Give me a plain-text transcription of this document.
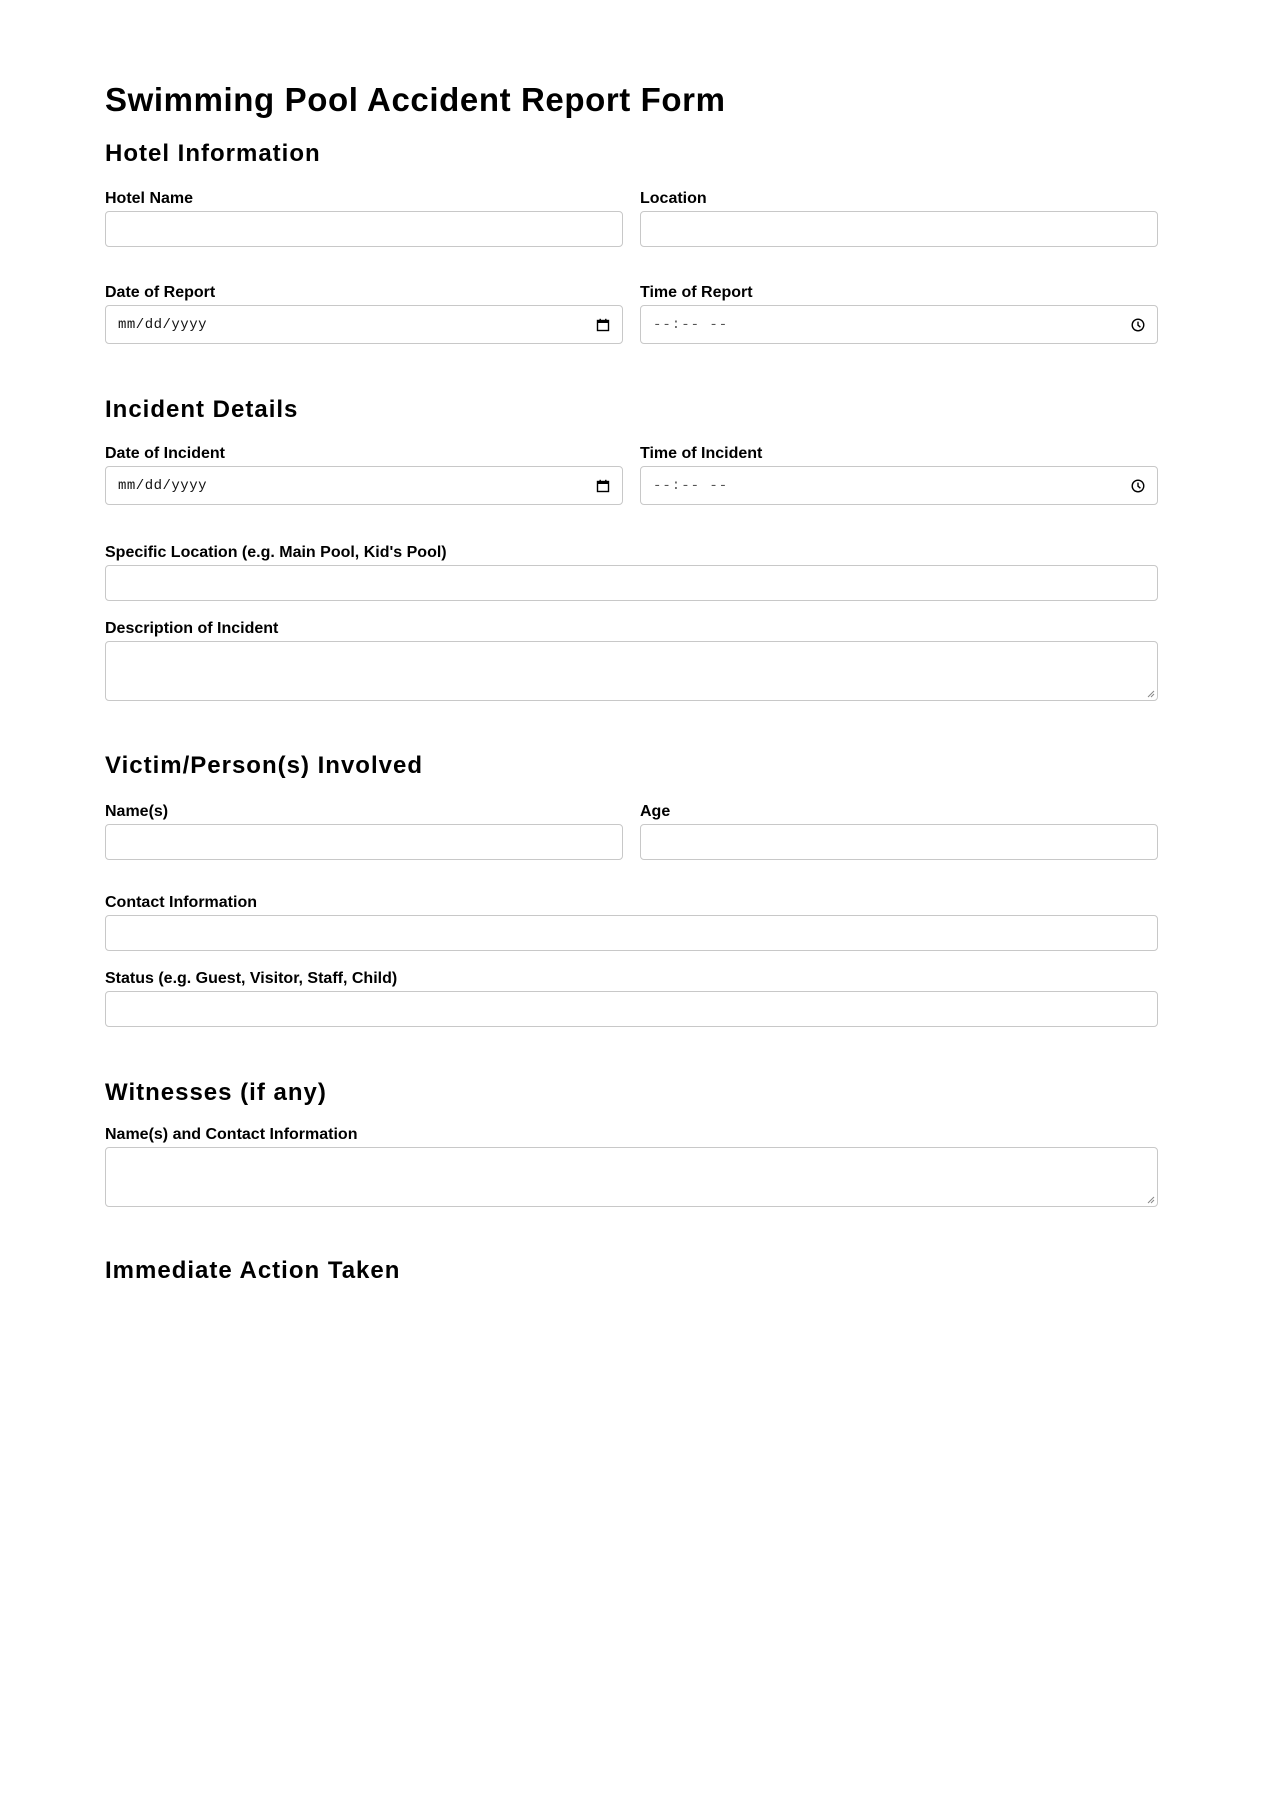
Swimming Pool Accident Report Form
Hotel Information
Hotel Name	Location
Date of Report
mm/dd/yyyy
Time of Report
--:-- --
Incident Details
Date of Incident
mm/dd/yyyy
Time of Incident
--:-- --
Specific Location (e.g. Main Pool, Kid's Pool)
Description of Incident
Victim/Person(s) Involved
Name(s)	Age
Contact Information
Status (e.g. Guest, Visitor, Staff, Child)
Witnesses (if any)
Name(s) and Contact Information
Immediate Action Taken
